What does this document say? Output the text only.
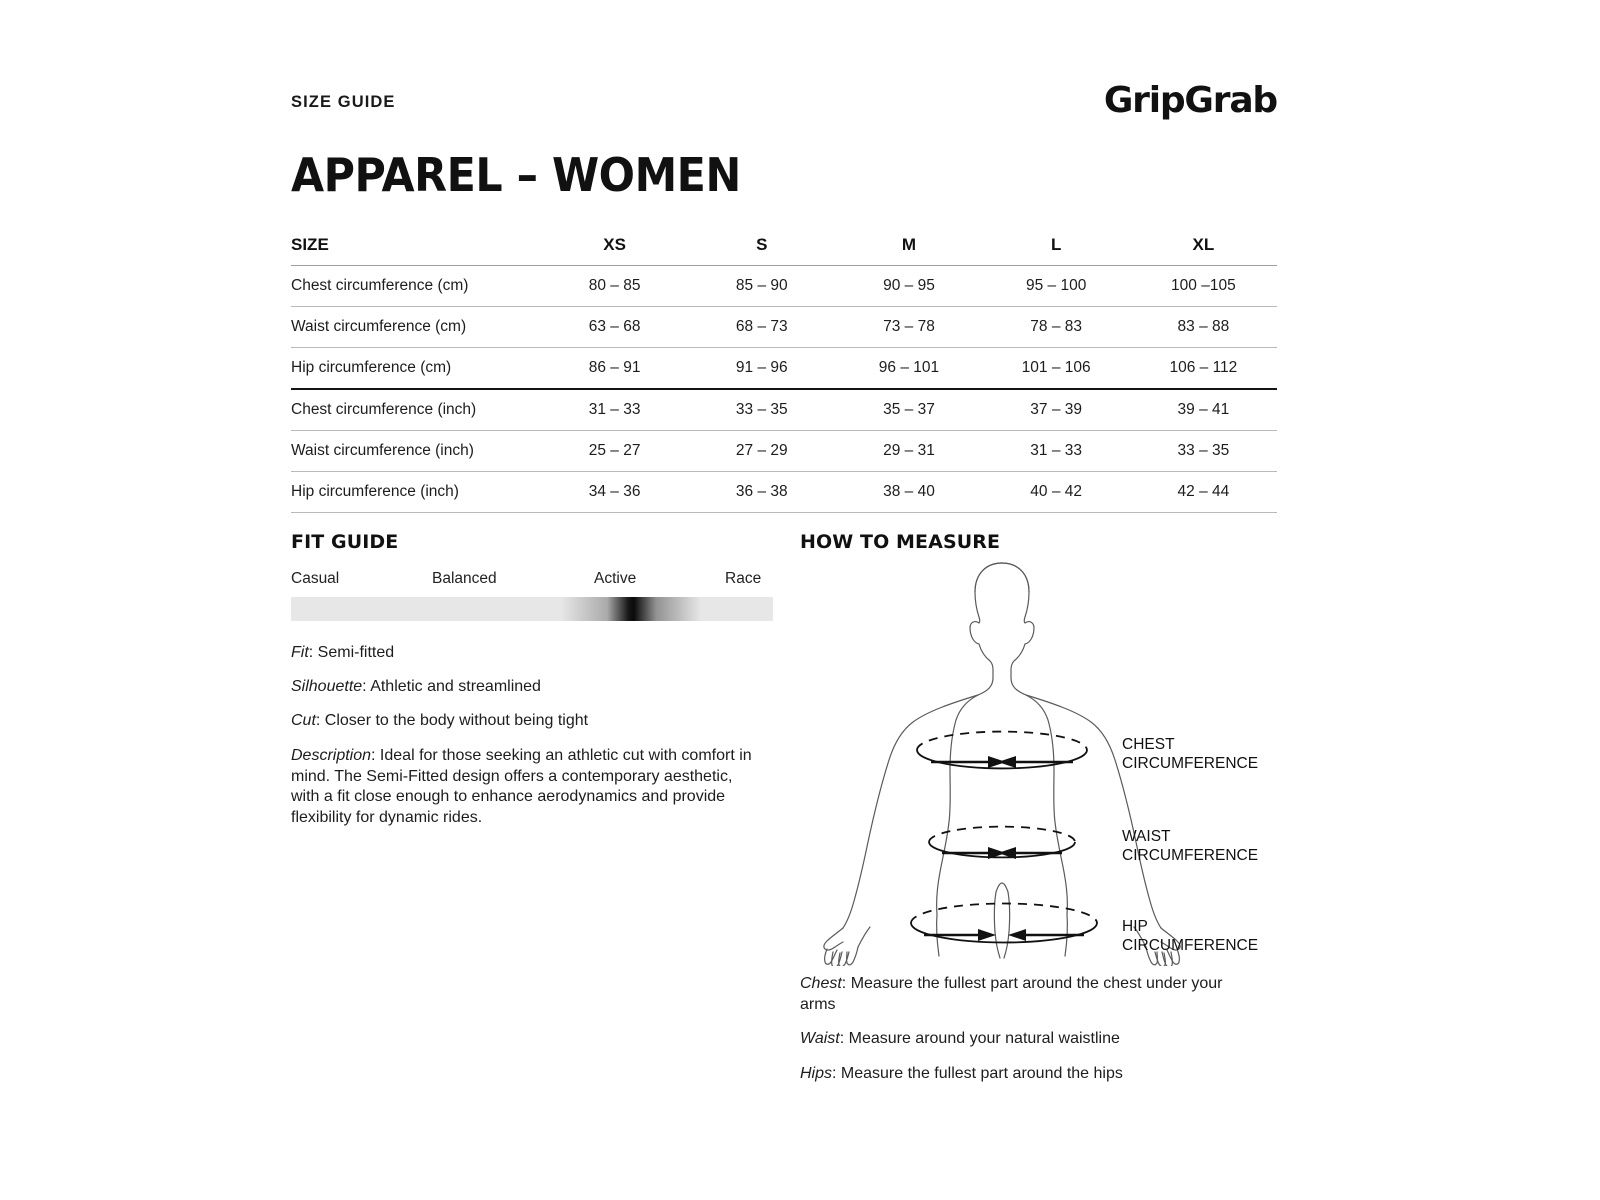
SIZE GUIDE	GripGrab
APPAREL – WOMEN
SIZE	XS	S	M	L	XL
Chest circumference (cm)	80 – 85	85 – 90	90 – 95	95 – 100	100 –105
Waist circumference (cm)	63 – 68	68 – 73	73 – 78	78 – 83	83 – 88
Hip circumference (cm)	86 – 91	91 – 96	96 – 101	101 – 106	106 – 112
Chest circumference (inch)	31 – 33	33 – 35	35 – 37	37 – 39	39 – 41
Waist circumference (inch)	25 – 27	27 – 29	29 – 31	31 – 33	33 – 35
Hip circumference (inch)	34 – 36	36 – 38	38 – 40	40 – 42	42 – 44
FIT GUIDE
Casual	Balanced	Active	Race
Fit: Semi-fitted
Silhouette: Athletic and streamlined
Cut: Closer to the body without being tight
Description: Ideal for those seeking an athletic cut with comfort in mind. The Semi-Fitted design offers a contemporary aesthetic, with a fit close enough to enhance aerodynamics and provide flexibility for dynamic rides.
HOW TO MEASURE
CHEST
CIRCUMFERENCE
WAIST
CIRCUMFERENCE
HIP
CIRCUMFERENCE
Chest: Measure the fullest part around the chest under your arms
Waist: Measure around your natural waistline
Hips: Measure the fullest part around the hips
